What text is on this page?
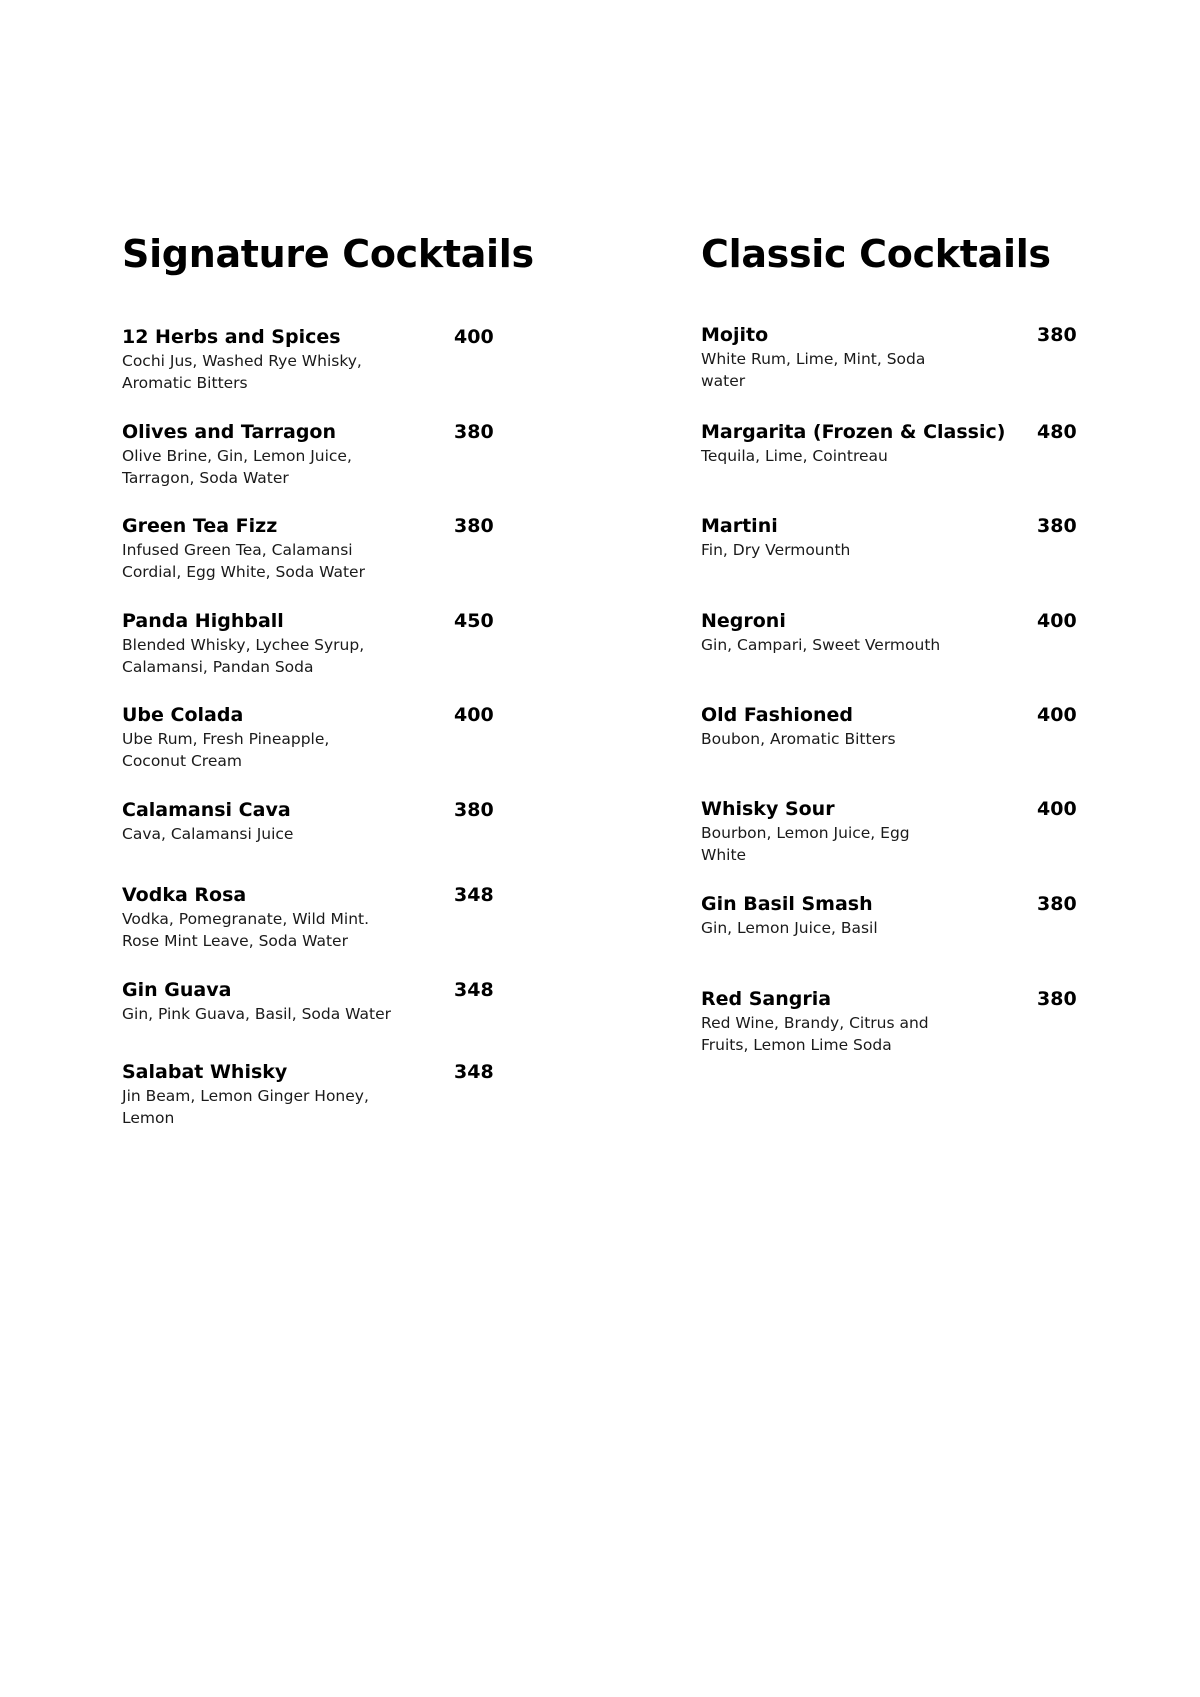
Signature Cocktails
12 Herbs and Spices	400
Cochi Jus, Washed Rye Whisky, Aromatic Bitters
Olives and Tarragon	380
Olive Brine, Gin, Lemon Juice, Tarragon, Soda Water
Green Tea Fizz	380
Infused Green Tea, Calamansi Cordial, Egg White, Soda Water
Panda Highball	450
Blended Whisky, Lychee Syrup, Calamansi, Pandan Soda
Ube Colada	400
Ube Rum, Fresh Pineapple, Coconut Cream
Calamansi Cava	380
Cava, Calamansi Juice
Vodka Rosa	348
Vodka, Pomegranate, Wild Mint. Rose Mint Leave, Soda Water
Gin Guava	348
Gin, Pink Guava, Basil, Soda Water
Salabat Whisky	348
Jin Beam, Lemon Ginger Honey, Lemon
Classic Cocktails
Mojito	380
White Rum, Lime, Mint, Soda water
Margarita (Frozen & Classic)	480
Tequila, Lime, Cointreau
Martini	380
Fin, Dry Vermounth
Negroni	400
Gin, Campari, Sweet Vermouth
Old Fashioned	400
Boubon, Aromatic Bitters
Whisky Sour	400
Bourbon, Lemon Juice, Egg White
Gin Basil Smash	380
Gin, Lemon Juice, Basil
Red Sangria	380
Red Wine, Brandy, Citrus and Fruits, Lemon Lime Soda
